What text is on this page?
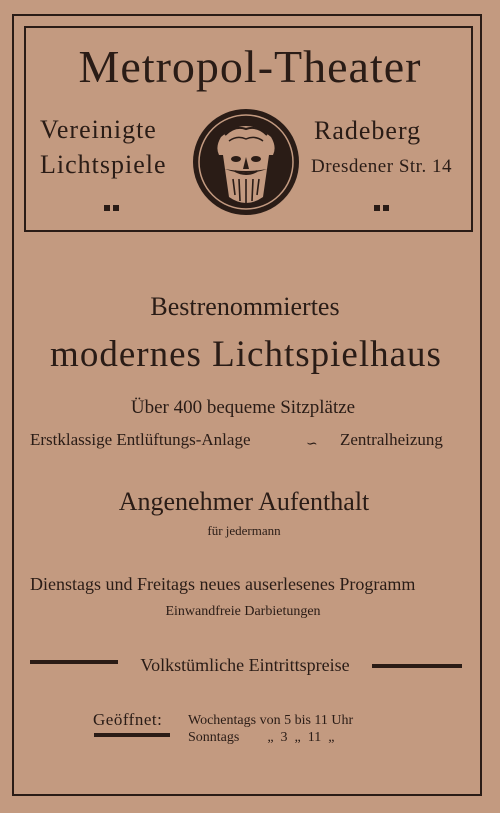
Metropol-Theater
Vereinigte
Lichtspiele
Radeberg
Dresdener Str. 14
Bestrenommiertes
modernes Lichtspielhaus
Über 400 bequeme Sitzplätze
Erstklassige Entlüftungs-Anlage	∽ Zentralheizung
Angenehmer Aufenthalt
für jedermann
Dienstags und Freitags neues auserlesenes Programm
Einwandfreie Darbietungen
Volkstümliche Eintrittspreise
Geöffnet: Wochentags von 5 bis 11 Uhr
Sonntags        „  3  „  11  „
